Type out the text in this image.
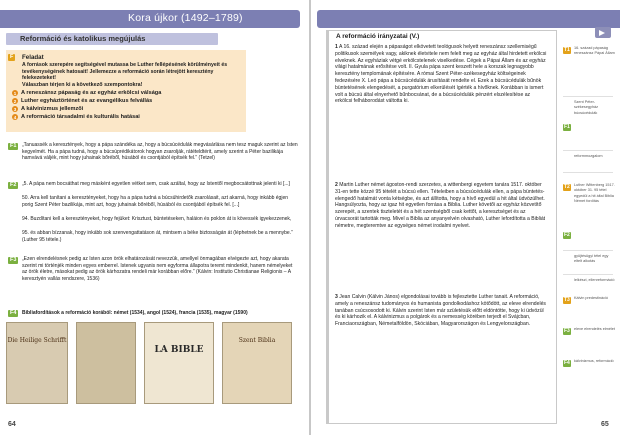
Kora újkor (1492–1789)
Reformáció és katolikus megújulás
F	Feladat
A források szerepére segítségével mutassa be Luther fellépésének körülményeit és tevékenységének hatosait! Jellemezze a reformáció során létrejött keresztény felekezeteket!
Válaszban térjen ki a következő szempontokra!
1 A reneszánsz pápaság és az egyház erkölcsi válsága
2 Luther egyháztörténet és az evangélikus felvállás
3 A kálvinizmus jellemzői
4 A reformáció társadalmi és kulturális hatásai
F1	„Tanuassék a keresztények, hogy a pápa szándéka az, hogy a búcsúcédulák megvásárlása nem tesz maguk szerint az Isten kegyelmét. Ha a pápa tudná, hogy a búcsúprédikátorok hogyan zsarolják, rátételdtérit, amely szerint a Péter bazilikája hamvává váljék, mint hogy juhainak bőréből, húsából és csontjából építsék fel.” (Tetzel)
F2	„5. A pápa nem bocsáthat meg másként egyetlen vétket sem, csak azáltal, hogy az Istentől megbocsátottnak jelenti ki [...]
50. Arra kell tanítani a keresztényeket, hogy ha a pápa tudná a búcsúhirdetők zsarolásait, azt akarná, hogy inkább égjen porig Szent Péter bazilikája, mint azt, hogy juhainak bőréből, húsából és csontjából építsék fel. [...]
94. Buzdítani kell a keresztényeket, hogy fejüket: Krisztust, büntetéseken, haláion és poklon át is kövessék igyekezzenek,
95. és abban bízzanak, hogy inkább sok szenvengattatáson át, mintsem a béke biztosságán át (léphetnek be a mennybe.” (Luther 95 tétele.)
F3	„Ezen elrendelésnek pedig az Isten azon örök elhatározását nevezzük, amellyel önmagában elvégezte azt, hogy akarata szerint mi történjék minden egyes emberrel. Istenek ugyanis nem egyforma állapotra teremt mindenkit, hanem némelyeket az örök életre, másokat pedig az örök kárhozatra rendeli már korábban előre.” (Kálvin: Institutio Christianae Religionis – A keresztyén vallás rendszere, 1536)
F4	Bibliafordítások a reformáció korából: német (1534), angol (1524), francia (1535), magyar (1590)
Die Heilige Schrifft
LA BIBLE
Szent Biblia
64
A reformáció irányzatai (V.)
1 A 16. század elején a pápaságot elkövetett teológusok helyett reneszánsz szellemiségű politikusok személyek vagy, akiknek életvitele nem felelt meg az egyház által hirdetett erkölcsi elveknek. Az egyháziak vétgé erkölcstelenek viselkedése. Cégek a Pápai Állam és az egyház világi hatalmának erősítése volt. II. Gyula pápa szent keszett hele a korszak legnagyobb keresztény templomának építésére. A római Szent Péter-székesegyház költségeinek fedezésére X. Leó pápa a búcsúcédulák árusítását rendelte el. Ezek a búcsúcédulák bűnök büntetésének elengedését, a purgatórium elkerülését ígérték a hívőknek. Korábban is ismert volt a búcsú által elnyerhető bűnbocsánat, de a búcsúcédulák pénzért elszélesítése az erkölcsi felháborodást váltotta ki.
2 Martin Luther német ágoston-rendi szerzetes, a wittenbergi egyetem tanára 1517. október 31-en tette közzé 95 tételét a búcsú ellen. Tételeiben a búcsúcédulák ellen, a pápa büntetés-elengedő hatalmát vonta kétségbe, és azt állította, hogy a hívő egyedül a hit által üdvözülhet. Hangsúlyozta, hogy az igaz hit egyetlen forrása a Biblia. Luther követői az egyház közvetítő szerepét, a szentek tiszteletét és a hét szentségből csak kettőt, a keresztséget és az úrvacsorát tartották meg. Mivel a Biblia az anyanyelvén olvasható, Luther lefordította a Bibliát németre, megteremtve az egységes német irodalmi nyelvet.
3 Jean Calvin (Kálvin János) elgondolásai tovább is fejlesztette Luther tanait. A reformáció, amely a reneszánsz tudományos és humanista gondolkodáshoz kötődött, az eleve elrendelés tanában csúcsosodott ki. Kálvin szerint Isten már születésük előtt eldöntötte, hogy ki üdvözül és ki kárhozik el. A kálvinizmus a polgárok és a nemesség körében terjedt el Svájcban, Franciaországban, Németalföldön, Skóciában, Magyarországon és Lengyelországban.
T1 16. század pápaság reneszánsz Pápai Állam
Szent Péter-székesegyház búcsúcédulák
F1
reformmozgalom
T2 Luther Wittenberg 1517. október 31. 95 tétel egyedül a hit által Biblia Német fordítás
F2
gyüjtésügyi tétel egy eltelt alkotás
lelkészi, ellenreformáció
T3 Kálvin predestináció
F3 eleve elrendelés elmélet
F4 kálvinizmus, reformáció
65
